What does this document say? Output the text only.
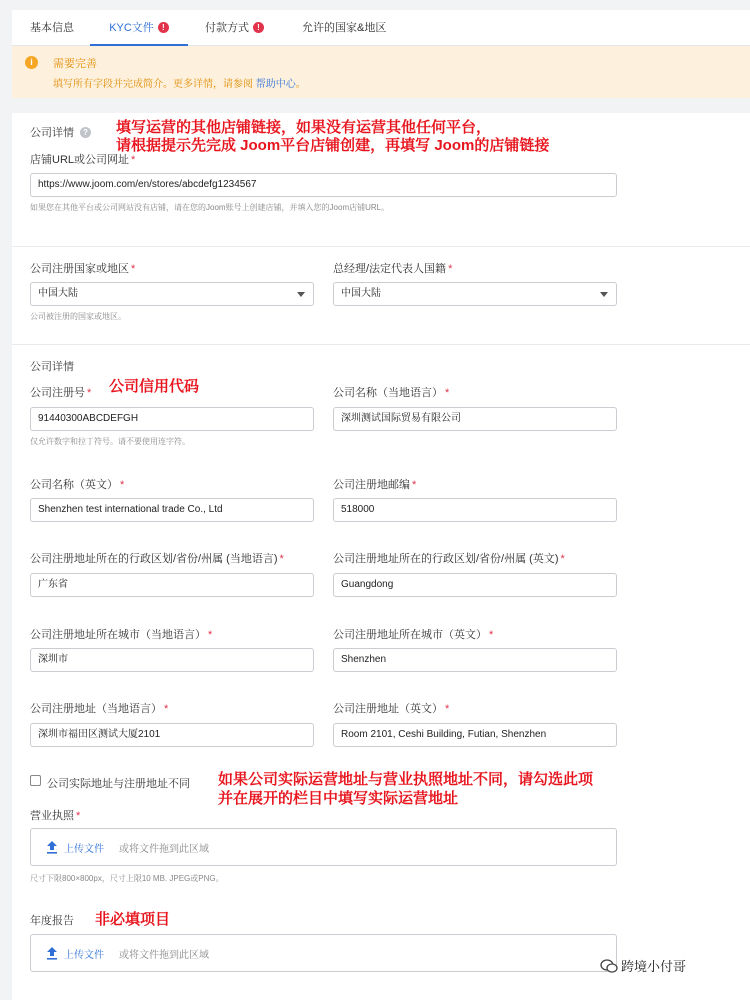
基本信息	KYC文件 !	付款方式 !	允许的国家&地区
i	需要完善
填写所有字段并完成简介。更多详情，请参阅 帮助中心。
公司详情 ?
店铺URL或公司网址 *
https://www.joom.com/en/stores/abcdefg1234567
如果您在其他平台或公司网站没有店铺，请在您的Joom账号上创建店铺，并填入您的Joom店铺URL。
公司注册国家或地区 *
中国大陆
公司被注册的国家或地区。
总经理/法定代表人国籍 *
中国大陆
公司详情
公司注册号 *
91440300ABCDEFGH
仅允许数字和拉丁符号。请不要使用连字符。
公司名称（当地语言） *
深圳测试国际贸易有限公司
公司名称（英文） *
Shenzhen test international trade Co., Ltd
公司注册地邮编 *
518000
公司注册地址所在的行政区划/省份/州属 (当地语言) *
广东省
公司注册地址所在的行政区划/省份/州属 (英文) *
Guangdong
公司注册地址所在城市（当地语言） *
深圳市
公司注册地址所在城市（英文） *
Shenzhen
公司注册地址（当地语言） *
深圳市福田区测试大厦2101
公司注册地址（英文） *
Room 2101, Ceshi Building, Futian, Shenzhen
公司实际地址与注册地址不同
营业执照 *
尺寸下限800×800px，尺寸上限10 MB. JPEG或PNG。
年度报告
上传文件 或将文件拖到此区域
上传文件 或将文件拖到此区域
填写运营的其他店铺链接，如果没有运营其他任何平台，
请根据提示先完成 Joom平台店铺创建，再填写 Joom的店铺链接
公司信用代码
如果公司实际运营地址与营业执照地址不同，请勾选此项
并在展开的栏目中填写实际运营地址
非必填项目
跨境小付哥
